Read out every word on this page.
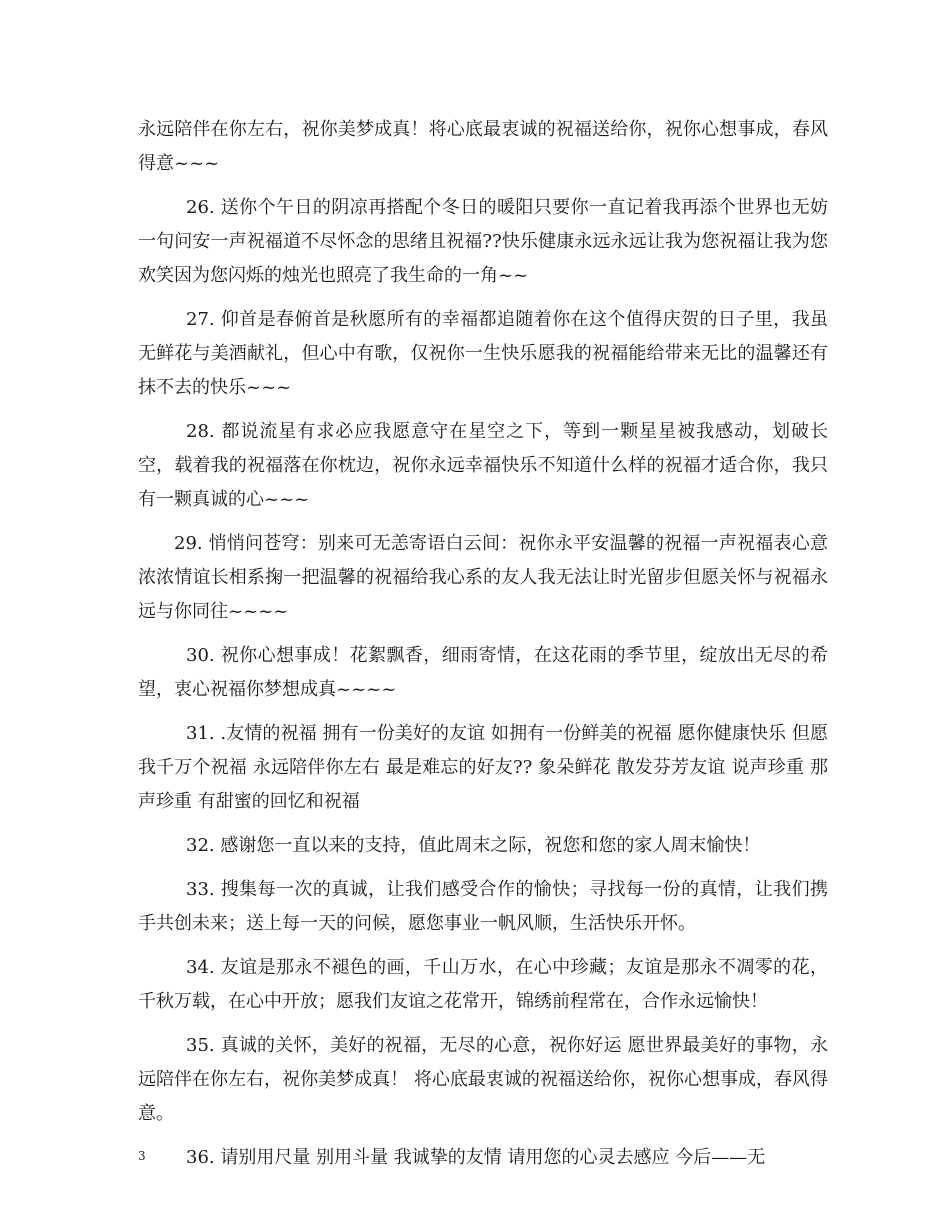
永远陪伴在你左右，祝你美梦成真！将心底最衷诚的祝福送给你，祝你心想事成，春风得意~~~

26. 送你个午日的阴凉再搭配个冬日的暖阳只要你一直记着我再添个世界也无妨一句问安一声祝福道不尽怀念的思绪且祝福??快乐健康永远永远让我为您祝福让我为您欢笑因为您闪烁的烛光也照亮了我生命的一角~~

27. 仰首是春俯首是秋愿所有的幸福都追随着你在这个值得庆贺的日子里，我虽无鲜花与美酒献礼，但心中有歌，仅祝你一生快乐愿我的祝福能给带来无比的温馨还有抹不去的快乐~~~

28. 都说流星有求必应我愿意守在星空之下，等到一颗星星被我感动，划破长空，载着我的祝福落在你枕边，祝你永远幸福快乐不知道什么样的祝福才适合你，我只有一颗真诚的心~~~

29. 悄悄问苍穹：别来可无恙寄语白云间：祝你永平安温馨的祝福一声祝福表心意浓浓情谊长相系掬一把温馨的祝福给我心系的友人我无法让时光留步但愿关怀与祝福永远与你同往~~~~

30. 祝你心想事成！花絮飘香，细雨寄情，在这花雨的季节里，绽放出无尽的希望，衷心祝福你梦想成真~~~~

31. .友情的祝福 拥有一份美好的友谊 如拥有一份鲜美的祝福 愿你健康快乐 但愿我千万个祝福 永远陪伴你左右 最是难忘的好友?? 象朵鲜花 散发芬芳友谊 说声珍重 那声珍重 有甜蜜的回忆和祝福

32. 感谢您一直以来的支持，值此周末之际，祝您和您的家人周末愉快！

33. 搜集每一次的真诚，让我们感受合作的愉快；寻找每一份的真情，让我们携手共创未来；送上每一天的问候，愿您事业一帆风顺，生活快乐开怀。

34. 友谊是那永不褪色的画，千山万水，在心中珍藏；友谊是那永不凋零的花，千秋万载，在心中开放；愿我们友谊之花常开，锦绣前程常在，合作永远愉快！

35. 真诚的关怀，美好的祝福，无尽的心意，祝你好运 愿世界最美好的事物，永远陪伴在你左右，祝你美梦成真！ 将心底最衷诚的祝福送给你，祝你心想事成，春风得意。

36. 请别用尺量 别用斗量 我诚挚的友情 请用您的心灵去感应 今后——无

3
